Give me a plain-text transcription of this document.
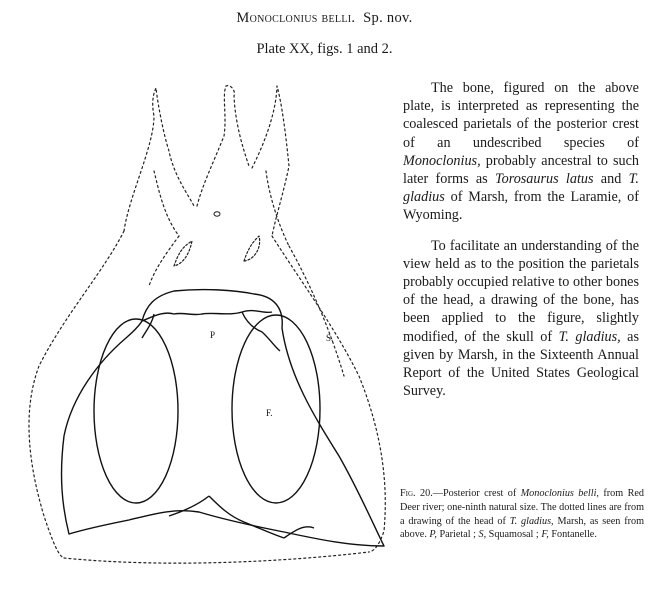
Monoclonius belli. Sp. nov.
Plate XX, figs. 1 and 2.
P	S.
F.

The bone, figured on the above plate, is interpreted as representing the coalesced parietals of the posterior crest of an undescribed species of Monoclonius, probably ancestral to such later forms as Torosaurus latus and T. gladius of Marsh, from the Laramie, of Wyoming.

To facilitate an understanding of the view held as to the position the parietals probably occupied relative to other bones of the head, a drawing of the bone, has been applied to the figure, slightly modified, of the skull of T. gladius, as given by Marsh, in the Sixteenth Annual Report of the United States Geological Survey.

Fig. 20.—Posterior crest of Monoclonius belli, from Red Deer river; one-ninth natural size. The dotted lines are from a drawing of the head of T. gladius, Marsh, as seen from above. P, Parietal ; S, Squamosal ; F, Fontanelle.
